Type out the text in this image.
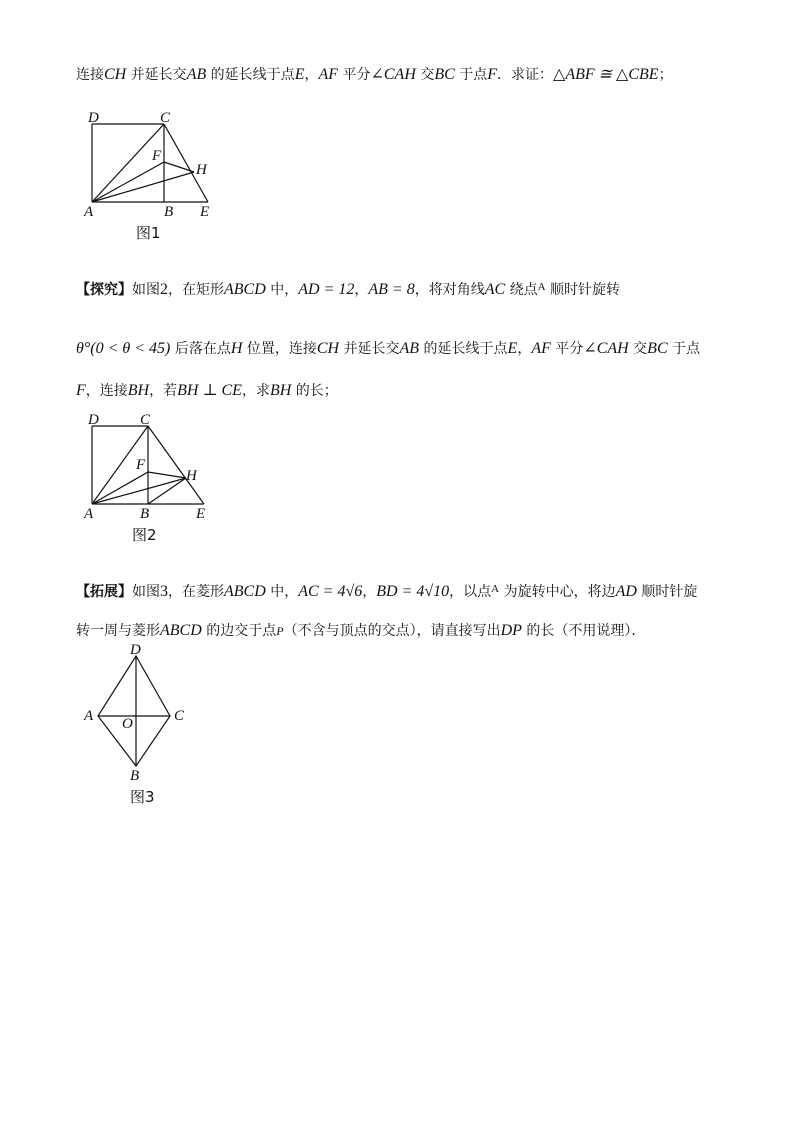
连接CH 并延长交AB 的延长线于点E，AF 平分∠CAH 交BC 于点F．求证：△ABF ≅ △CBE；
D	C
F
H
A	B E
图1
【探究】如图2，在矩形ABCD 中，AD = 12，AB = 8，将对角线AC 绕点$^A$ 顺时针旋转
θ°(0 < θ < 45) 后落在点H 位置，连接CH 并延长交AB 的延长线于点E，AF 平分∠CAH 交BC 于点
F，连接BH，若BH ⊥ CE，求BH 的长；
D	C
F
H
A	B	E
图2
【拓展】如图3，在菱形ABCD 中，AC = 4√6，BD = 4√10，以点$^A$ 为旋转中心，将边AD 顺时针旋
转一周与菱形ABCD 的边交于点P（不含与顶点的交点），请直接写出DP 的长（不用说理）．
D
A O	C
B
图3
